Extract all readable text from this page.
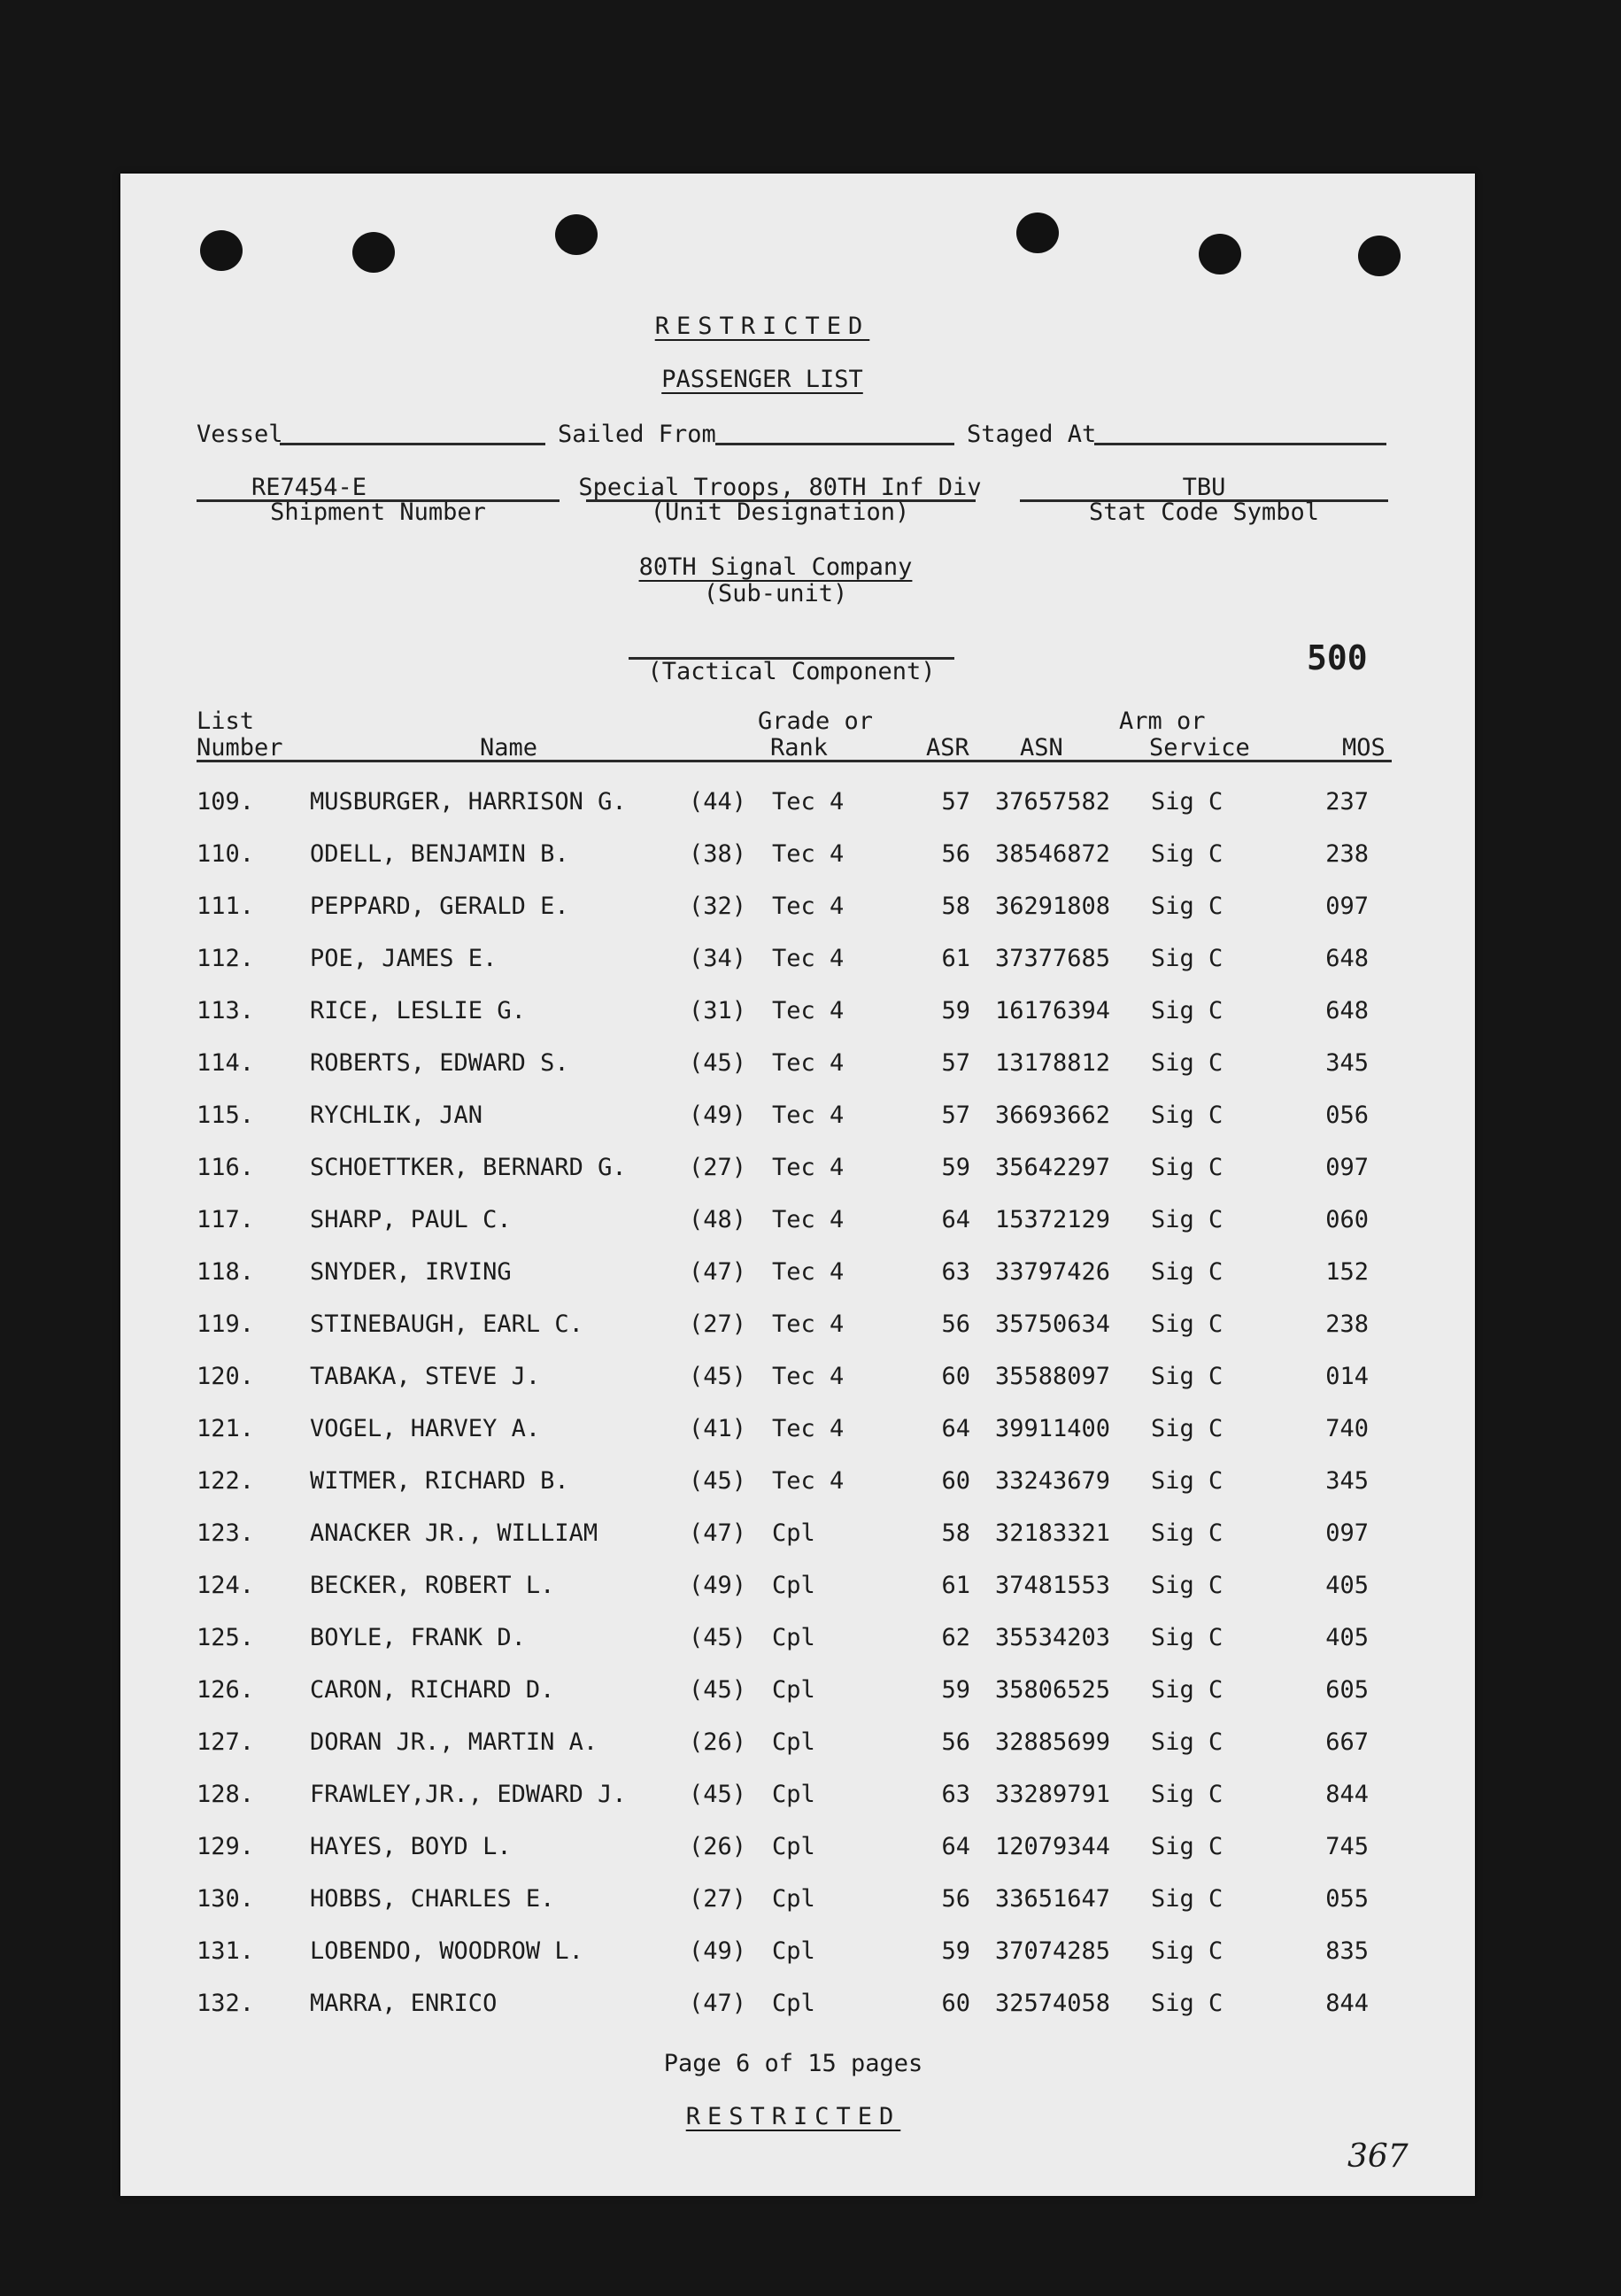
RESTRICTED
PASSENGER LIST
Vessel	Sailed From	Staged At
RE7454-E
Shipment Number
Special Troops, 80TH Inf Div
(Unit Designation)
TBU
Stat Code Symbol
80TH Signal Company
(Sub-unit)
(Tactical Component)	500
List
Number	Name
Grade or
Rank	ASR ASN
Arm or
Service	MOS
109. MUSBURGER, HARRISON G.	(44) Tec 4	57 37657582 Sig C	237
110. ODELL, BENJAMIN B.	(38) Tec 4	56 38546872 Sig C	238
111. PEPPARD, GERALD E.	(32) Tec 4	58 36291808 Sig C	097
112. POE, JAMES E.	(34) Tec 4	61 37377685 Sig C	648
113. RICE, LESLIE G.	(31) Tec 4	59 16176394 Sig C	648
114. ROBERTS, EDWARD S.	(45) Tec 4	57 13178812 Sig C	345
115. RYCHLIK, JAN	(49) Tec 4	57 36693662 Sig C	056
116. SCHOETTKER, BERNARD G.	(27) Tec 4	59 35642297 Sig C	097
117. SHARP, PAUL C.	(48) Tec 4	64 15372129 Sig C	060
118. SNYDER, IRVING	(47) Tec 4	63 33797426 Sig C	152
119. STINEBAUGH, EARL C.	(27) Tec 4	56 35750634 Sig C	238
120. TABAKA, STEVE J.	(45) Tec 4	60 35588097 Sig C	014
121. VOGEL, HARVEY A.	(41) Tec 4	64 39911400 Sig C	740
122. WITMER, RICHARD B.	(45) Tec 4	60 33243679 Sig C	345
123. ANACKER JR., WILLIAM	(47) Cpl	58 32183321 Sig C	097
124. BECKER, ROBERT L.	(49) Cpl	61 37481553 Sig C	405
125. BOYLE, FRANK D.	(45) Cpl	62 35534203 Sig C	405
126. CARON, RICHARD D.	(45) Cpl	59 35806525 Sig C	605
127. DORAN JR., MARTIN A.	(26) Cpl	56 32885699 Sig C	667
128. FRAWLEY,JR., EDWARD J.	(45) Cpl	63 33289791 Sig C	844
129. HAYES, BOYD L.	(26) Cpl	64 12079344 Sig C	745
130. HOBBS, CHARLES E.	(27) Cpl	56 33651647 Sig C	055
131. LOBENDO, WOODROW L.	(49) Cpl	59 37074285 Sig C	835
132. MARRA, ENRICO	(47) Cpl	60 32574058 Sig C	844
Page 6 of 15 pages
RESTRICTED
367
